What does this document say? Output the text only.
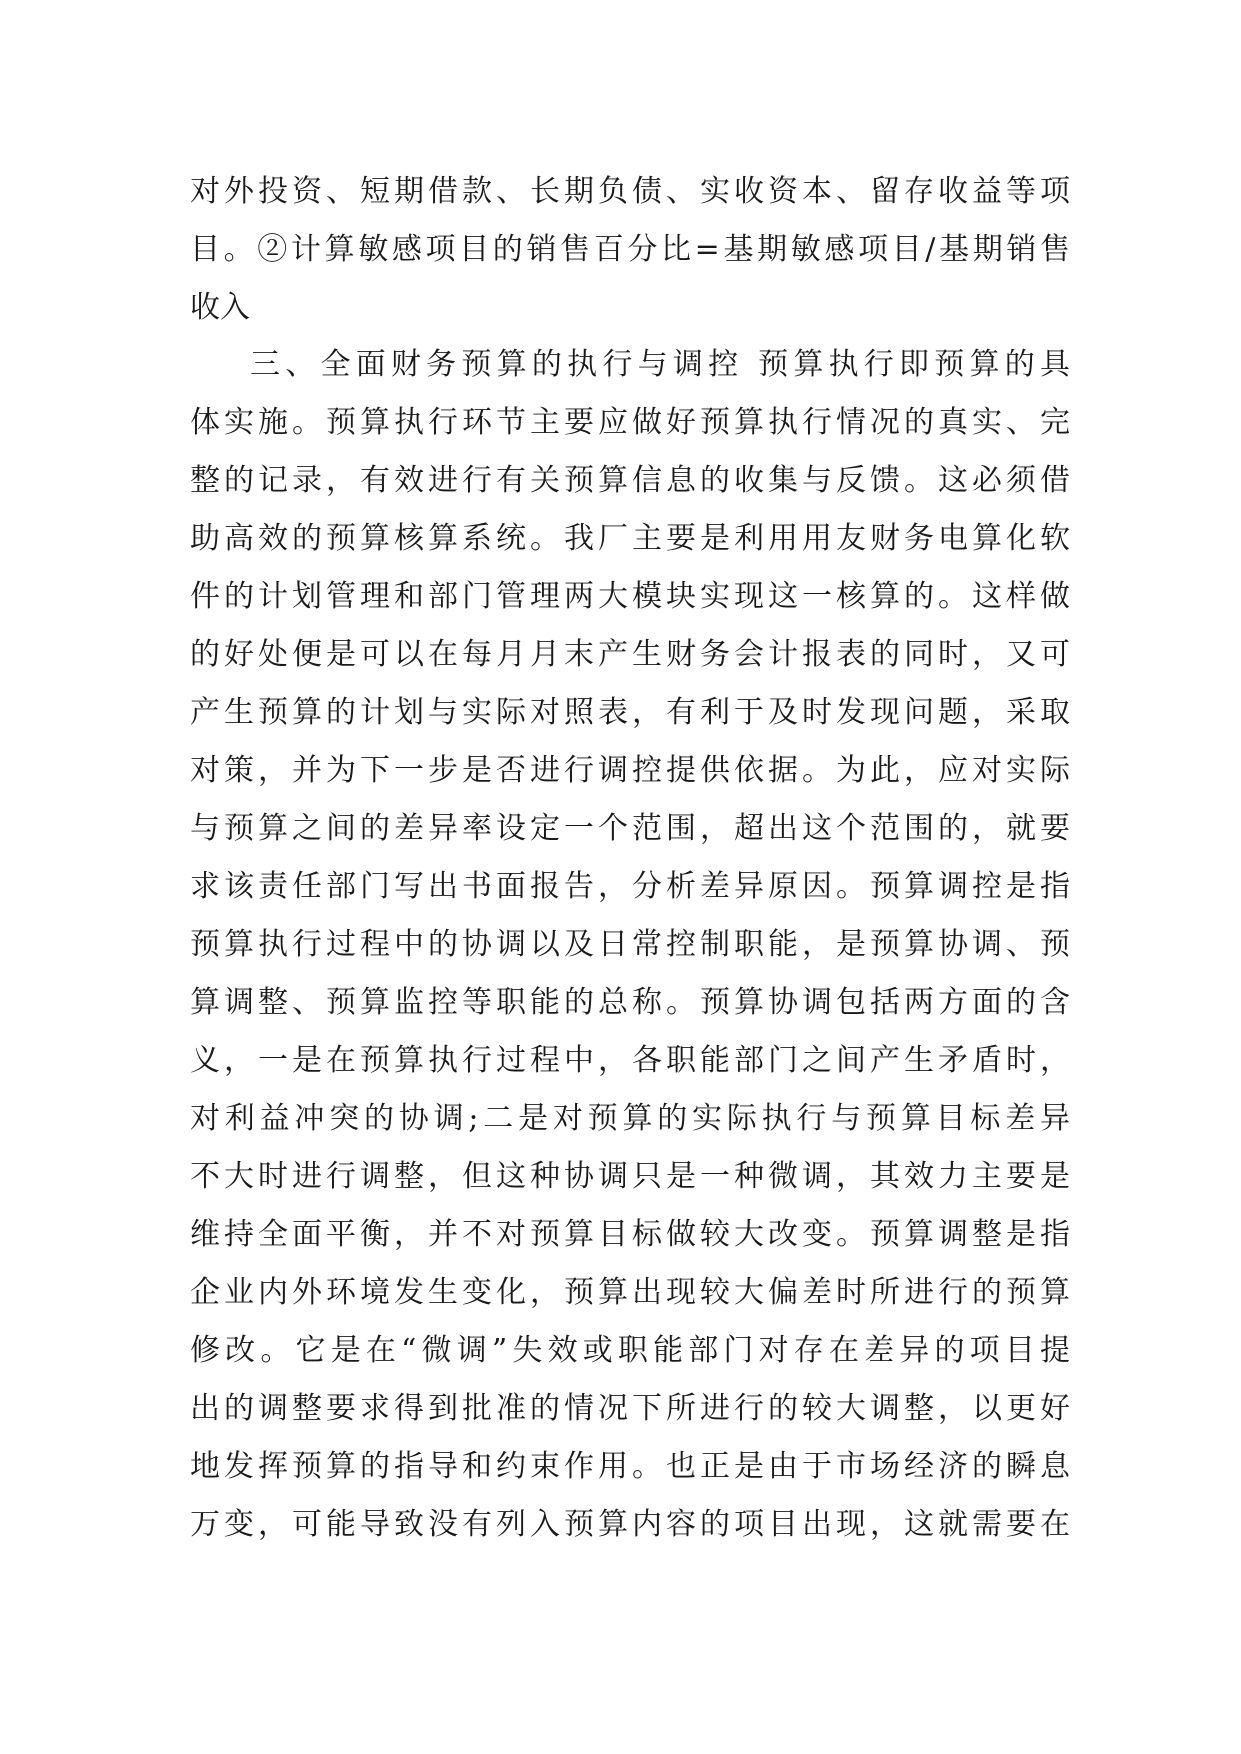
对外投资、短期借款、长期负债、实收资本、留存收益等项
目。②计算敏感项目的销售百分比=基期敏感项目/基期销售
收入
三、全面财务预算的执行与调控 预算执行即预算的具
体实施。预算执行环节主要应做好预算执行情况的真实、完
整的记录，有效进行有关预算信息的收集与反馈。这必须借
助高效的预算核算系统。我厂主要是利用用友财务电算化软
件的计划管理和部门管理两大模块实现这一核算的。这样做
的好处便是可以在每月月末产生财务会计报表的同时，又可
产生预算的计划与实际对照表，有利于及时发现问题，采取
对策，并为下一步是否进行调控提供依据。为此，应对实际
与预算之间的差异率设定一个范围，超出这个范围的，就要
求该责任部门写出书面报告，分析差异原因。预算调控是指
预算执行过程中的协调以及日常控制职能，是预算协调、预
算调整、预算监控等职能的总称。预算协调包括两方面的含
义，一是在预算执行过程中，各职能部门之间产生矛盾时，
对利益冲突的协调;二是对预算的实际执行与预算目标差异
不大时进行调整，但这种协调只是一种微调，其效力主要是
维持全面平衡，并不对预算目标做较大改变。预算调整是指
企业内外环境发生变化，预算出现较大偏差时所进行的预算
修改。它是在“微调”失效或职能部门对存在差异的项目提
出的调整要求得到批准的情况下所进行的较大调整，以更好
地发挥预算的指导和约束作用。也正是由于市场经济的瞬息
万变，可能导致没有列入预算内容的项目出现，这就需要在
